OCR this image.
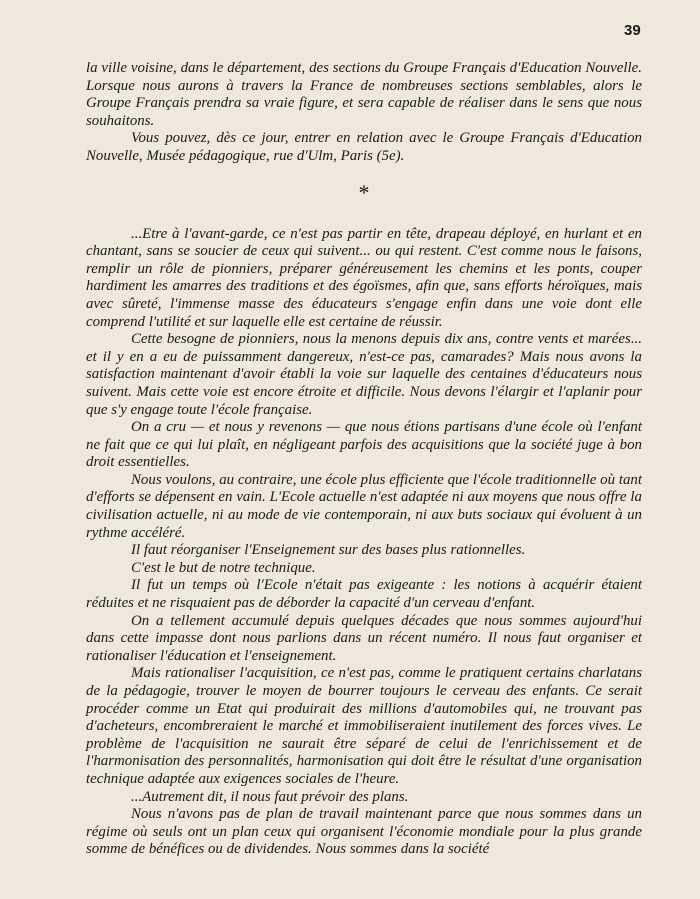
39

la ville voisine, dans le département, des sections du Groupe Français d'Education Nouvelle. Lorsque nous aurons à travers la France de nombreuses sections semblables, alors le Groupe Français prendra sa vraie figure, et sera capable de réaliser dans le sens que nous souhaitons.

Vous pouvez, dès ce jour, entrer en relation avec le Groupe Français d'Education Nouvelle, Musée pédagogique, rue d'Ulm, Paris (5e).

*

...Etre à l'avant-garde, ce n'est pas partir en tête, drapeau déployé, en hurlant et en chantant, sans se soucier de ceux qui suivent... ou qui restent. C'est comme nous le faisons, remplir un rôle de pionniers, préparer généreusement les chemins et les ponts, couper hardiment les amarres des traditions et des égoïsmes, afin que, sans efforts héroïques, mais avec sûreté, l'immense masse des éducateurs s'engage enfin dans une voie dont elle comprend l'utilité et sur laquelle elle est certaine de réussir.

Cette besogne de pionniers, nous la menons depuis dix ans, contre vents et marées... et il y en a eu de puissamment dangereux, n'est-ce pas, camarades? Mais nous avons la satisfaction maintenant d'avoir établi la voie sur laquelle des centaines d'éducateurs nous suivent. Mais cette voie est encore étroite et difficile. Nous devons l'élargir et l'aplanir pour que s'y engage toute l'école française.

On a cru — et nous y revenons — que nous étions partisans d'une école où l'enfant ne fait que ce qui lui plaît, en négligeant parfois des acquisitions que la société juge à bon droit essentielles.

Nous voulons, au contraire, une école plus efficiente que l'école traditionnelle où tant d'efforts se dépensent en vain. L'Ecole actuelle n'est adaptée ni aux moyens que nous offre la civilisation actuelle, ni au mode de vie contemporain, ni aux buts sociaux qui évoluent à un rythme accéléré.

Il faut réorganiser l'Enseignement sur des bases plus rationnelles.

C'est le but de notre technique.

Il fut un temps où l'Ecole n'était pas exigeante : les notions à acquérir étaient réduites et ne risquaient pas de déborder la capacité d'un cerveau d'enfant.

On a tellement accumulé depuis quelques décades que nous sommes aujourd'hui dans cette impasse dont nous parlions dans un récent numéro. Il nous faut organiser et rationaliser l'éducation et l'enseignement.

Mais rationaliser l'acquisition, ce n'est pas, comme le pratiquent certains charlatans de la pédagogie, trouver le moyen de bourrer toujours le cerveau des enfants. Ce serait procéder comme un Etat qui produirait des millions d'automobiles qui, ne trouvant pas d'acheteurs, encombreraient le marché et immobiliseraient inutilement des forces vives. Le problème de l'acquisition ne saurait être séparé de celui de l'enrichissement et de l'harmonisation des personnalités, harmonisation qui doit être le résultat d'une organisation technique adaptée aux exigences sociales de l'heure.

...Autrement dit, il nous faut prévoir des plans.

Nous n'avons pas de plan de travail maintenant parce que nous sommes dans un régime où seuls ont un plan ceux qui organisent l'économie mondiale pour la plus grande somme de bénéfices ou de dividendes. Nous sommes dans la société
